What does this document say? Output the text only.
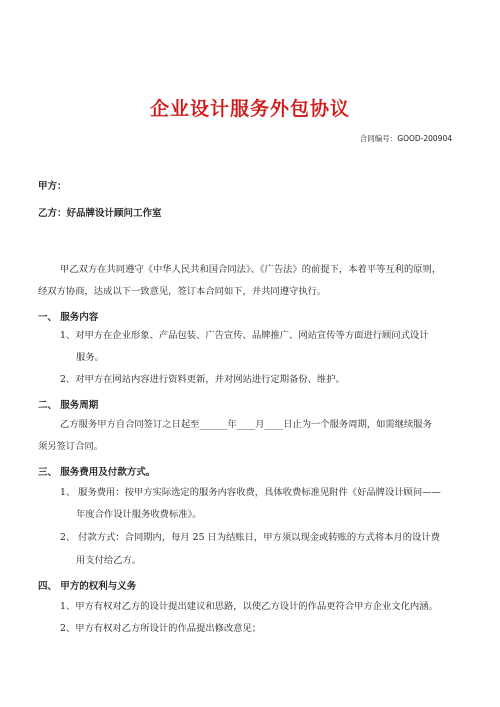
企业设计服务外包协议
合同编号：GOOD-200904
甲方：
乙方：好品牌设计顾问工作室
甲乙双方在共同遵守《中华人民共和国合同法》、《广告法》的前提下，本着平等互利的原则，
经双方协商，达成以下一致意见，签订本合同如下，并共同遵守执行。
一、 服务内容
1、对甲方在企业形象、产品包装、广告宣传、品牌推广、网站宣传等方面进行顾问式设计
服务。
2、对甲方在网站内容进行资料更新，并对网站进行定期备份、维护。
二、 服务周期
乙方服务甲方自合同签订之日起至______年____月____日止为一个服务周期，如需继续服务
须另签订合同。
三、 服务费用及付款方式。
1、 服务费用：按甲方实际选定的服务内容收费，具体收费标准见附件《好品牌设计顾问——
年度合作设计服务收费标准》。
2、 付款方式：合同期内，每月 25 日为结账日，甲方须以现金或转账的方式将本月的设计费
用支付给乙方。
四、 甲方的权利与义务
1、甲方有权对乙方的设计提出建议和思路，以使乙方设计的作品更符合甲方企业文化内涵。
2、甲方有权对乙方所设计的作品提出修改意见；
